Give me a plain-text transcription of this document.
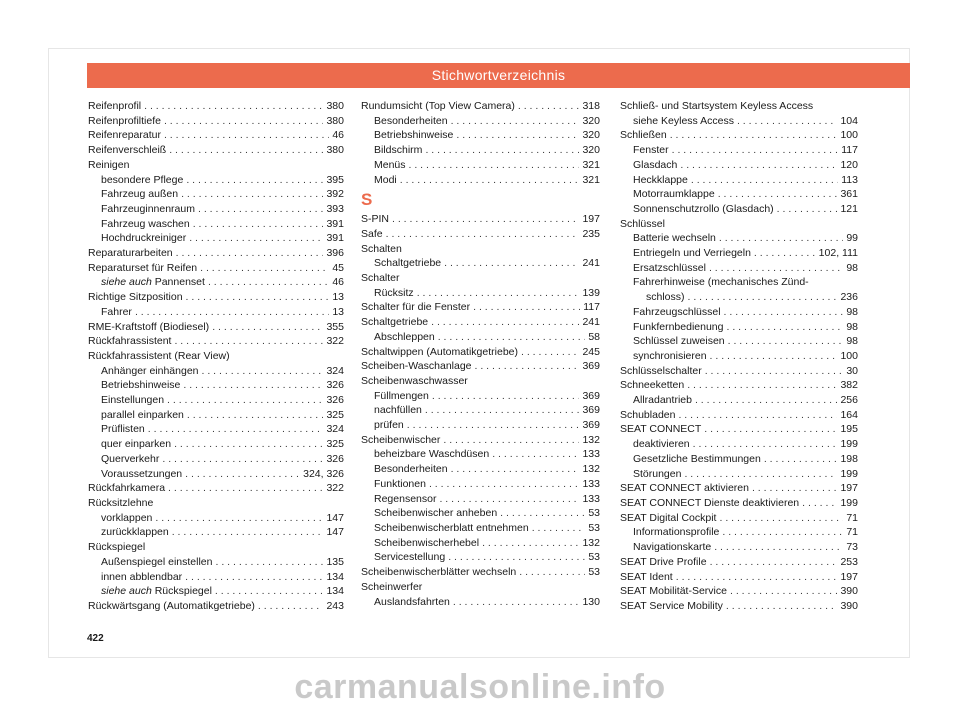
Stichwortverzeichnis
Reifenprofil . . .	380
Reifenprofiltiefe . . .	380
Reifenreparatur . . .	46
Reifenverschleiß . . .	380
Reinigen
besondere Pflege . . .	395
Fahrzeug außen . . .	392
Fahrzeuginnenraum . . .	393
Fahrzeug waschen . . .	391
Hochdruckreiniger . . .	391
Reparaturarbeiten . . .	396
Reparaturset für Reifen . . .	45
siehe auch Pannenset . . .	46
Richtige Sitzposition . . .	13
Fahrer . . .	13
RME-Kraftstoff (Biodiesel) . . .	355
Rückfahrassistent . . .	322
Rückfahrassistent (Rear View)
Anhänger einhängen . . .	324
Betriebshinweise . . .	326
Einstellungen . . .	326
parallel einparken . . .	325
Prüflisten . . .	324
quer einparken . . .	325
Querverkehr . . .	326
Voraussetzungen . . .	324, 326
Rückfahrkamera . . .	322
Rücksitzlehne
vorklappen . . .	147
zurückklappen . . .	147
Rückspiegel
Außenspiegel einstellen . . .	135
innen abblendbar . . .	134
siehe auch Rückspiegel . . .	134
Rückwärtsgang (Automatikgetriebe) . . .	243
Rundumsicht (Top View Camera) . . .	318
Besonderheiten . . .	320
Betriebshinweise . . .	320
Bildschirm . . .	320
Menüs . . .	321
Modi . . .	321
S
S-PIN . . .	197
Safe . . .	235
Schalten
Schaltgetriebe . . .	241
Schalter
Rücksitz . . .	139
Schalter für die Fenster . . .	117
Schaltgetriebe . . .	241
Abschleppen . . .	58
Schaltwippen (Automatikgetriebe) . . .	245
Scheiben-Waschanlage . . .	369
Scheibenwaschwasser
Füllmengen . . .	369
nachfüllen . . .	369
prüfen . . .	369
Scheibenwischer . . .	132
beheizbare Waschdüsen . . .	133
Besonderheiten . . .	132
Funktionen . . .	133
Regensensor . . .	133
Scheibenwischer anheben . . .	53
Scheibenwischerblatt entnehmen . . .	53
Scheibenwischerhebel . . .	132
Servicestellung . . .	53
Scheibenwischerblätter wechseln . . .	53
Scheinwerfer
Auslandsfahrten . . .	130
Schließ- und Startsystem Keyless Access
siehe Keyless Access . . .	104
Schließen . . .	100
Fenster . . .	117
Glasdach . . .	120
Heckklappe . . .	113
Motorraumklappe . . .	361
Sonnenschutzrollo (Glasdach) . . .	121
Schlüssel
Batterie wechseln . . .	99
Entriegeln und Verriegeln . . .	102, 111
Ersatzschlüssel . . .	98
Fahrerhinweise (mechanisches Zünd-
schloss) . . .	236
Fahrzeugschlüssel . . .	98
Funkfernbedienung . . .	98
Schlüssel zuweisen . . .	98
synchronisieren . . .	100
Schlüsselschalter . . .	30
Schneeketten . . .	382
Allradantrieb . . .	256
Schubladen . . .	164
SEAT CONNECT . . .	195
deaktivieren . . .	199
Gesetzliche Bestimmungen . . .	198
Störungen . . .	199
SEAT CONNECT aktivieren . . .	197
SEAT CONNECT Dienste deaktivieren . . .	199
SEAT Digital Cockpit . . .	71
Informationsprofile . . .	71
Navigationskarte . . .	73
SEAT Drive Profile . . .	253
SEAT Ident . . .	197
SEAT Mobilität-Service . . .	390
SEAT Service Mobility . . .	390
422
carmanualsonline.info
